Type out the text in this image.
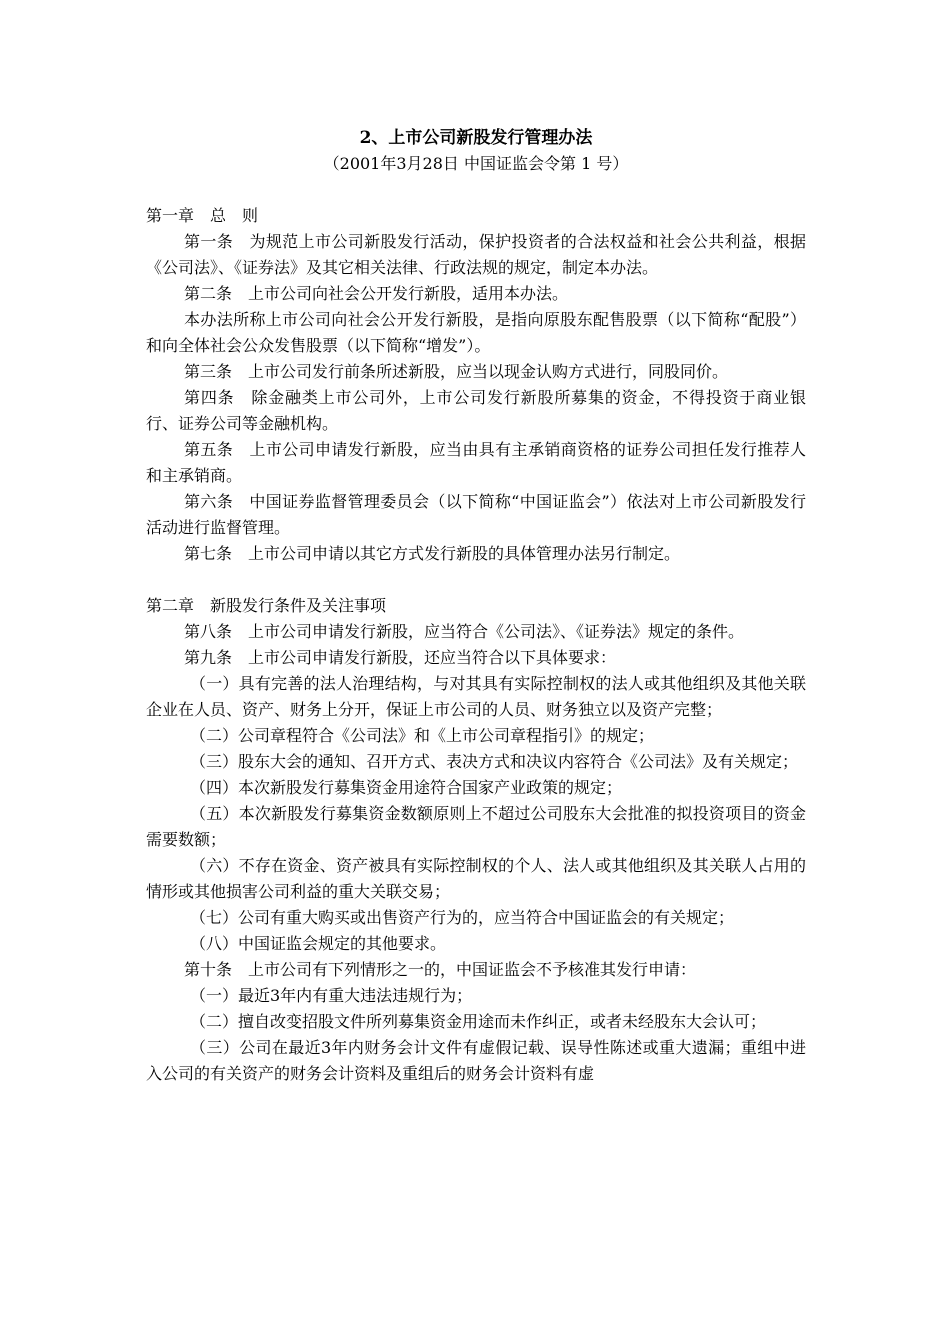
2、上市公司新股发行管理办法
（2001年3月28日 中国证监会令第 1 号）

第一章　总　则

第一条　为规范上市公司新股发行活动，保护投资者的合法权益和社会公共利益，根据《公司法》、《证券法》及其它相关法律、行政法规的规定，制定本办法。

第二条　上市公司向社会公开发行新股，适用本办法。

本办法所称上市公司向社会公开发行新股，是指向原股东配售股票（以下简称“配股”）和向全体社会公众发售股票（以下简称“增发”）。

第三条　上市公司发行前条所述新股，应当以现金认购方式进行，同股同价。

第四条　除金融类上市公司外，上市公司发行新股所募集的资金，不得投资于商业银行、证券公司等金融机构。

第五条　上市公司申请发行新股，应当由具有主承销商资格的证券公司担任发行推荐人和主承销商。

第六条　中国证券监督管理委员会（以下简称“中国证监会”）依法对上市公司新股发行活动进行监督管理。

第七条　上市公司申请以其它方式发行新股的具体管理办法另行制定。

第二章　新股发行条件及关注事项

第八条　上市公司申请发行新股，应当符合《公司法》、《证券法》规定的条件。

第九条　上市公司申请发行新股，还应当符合以下具体要求：

（一）具有完善的法人治理结构，与对其具有实际控制权的法人或其他组织及其他关联企业在人员、资产、财务上分开，保证上市公司的人员、财务独立以及资产完整；

（二）公司章程符合《公司法》和《上市公司章程指引》的规定；

（三）股东大会的通知、召开方式、表决方式和决议内容符合《公司法》及有关规定；

（四）本次新股发行募集资金用途符合国家产业政策的规定；

（五）本次新股发行募集资金数额原则上不超过公司股东大会批准的拟投资项目的资金需要数额；

（六）不存在资金、资产被具有实际控制权的个人、法人或其他组织及其关联人占用的情形或其他损害公司利益的重大关联交易；

（七）公司有重大购买或出售资产行为的，应当符合中国证监会的有关规定；

（八）中国证监会规定的其他要求。

第十条　上市公司有下列情形之一的，中国证监会不予核准其发行申请：

（一）最近3年内有重大违法违规行为；

（二）擅自改变招股文件所列募集资金用途而未作纠正，或者未经股东大会认可；

（三）公司在最近3年内财务会计文件有虚假记载、误导性陈述或重大遗漏；重组中进入公司的有关资产的财务会计资料及重组后的财务会计资料有虚
